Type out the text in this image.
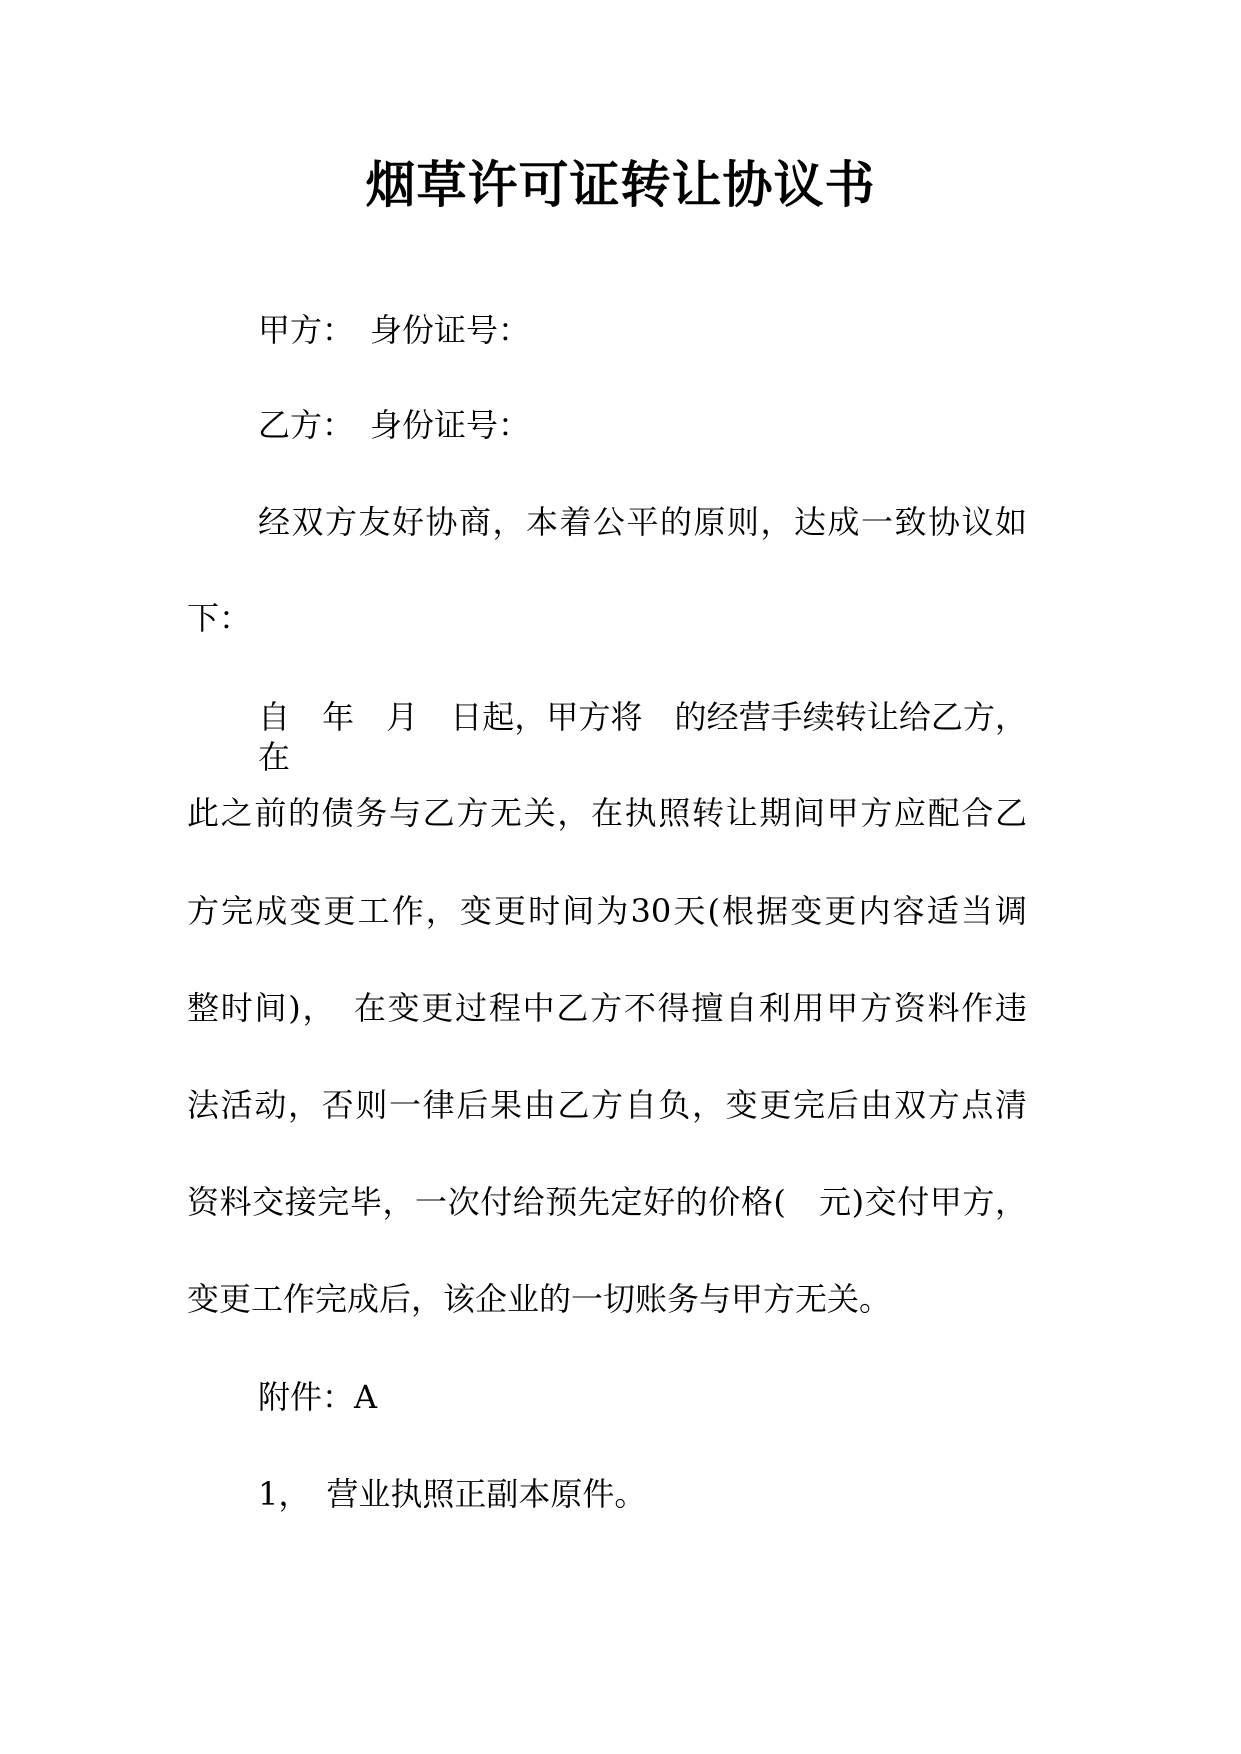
烟草许可证转让协议书

甲方：　身份证号：

乙方：　身份证号：

经双方友好协商，本着公平的原则，达成一致协议如

下：

自　年　月　日起，甲方将　的经营手续转让给乙方，在

此之前的债务与乙方无关，在执照转让期间甲方应配合乙

方完成变更工作，变更时间为30天(根据变更内容适当调

整时间)，　在变更过程中乙方不得擅自利用甲方资料作违

法活动，否则一律后果由乙方自负，变更完后由双方点清

资料交接完毕，一次付给预先定好的价格(　元)交付甲方，

变更工作完成后，该企业的一切账务与甲方无关。

附件：A

1，　营业执照正副本原件。
